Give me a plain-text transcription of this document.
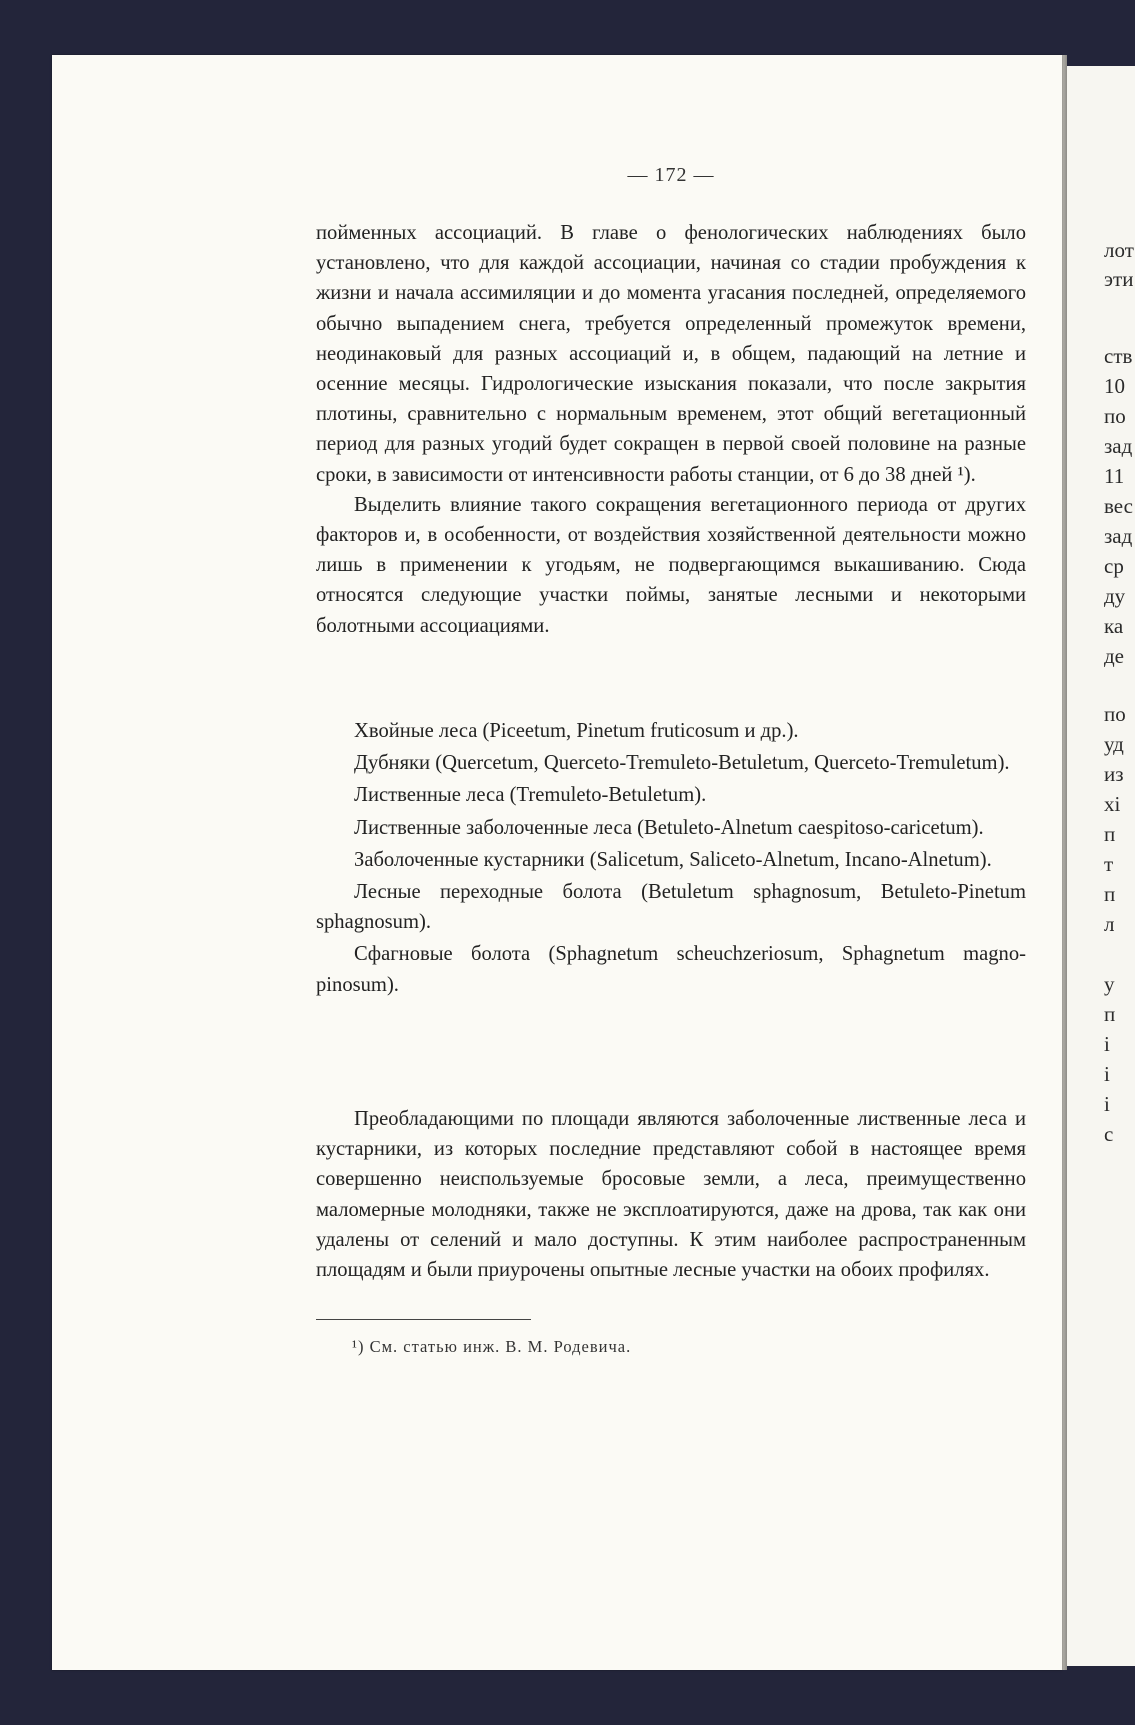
лот
эти
ств
10
по
зад
11
вес
зад
ср
ду
ка
де
по
уд
из
хі
п
т
п
л
у
п
і
і
і
с
— 172 —

пойменных ассоциаций. В главе о фенологических наблюдениях было установлено, что для каждой ассоциации, начиная со стадии пробуждения к жизни и начала ассимиляции и до момента угасания последней, определяемого обычно выпадением снега, требуется определенный промежуток времени, неодинаковый для разных ассоциаций и, в общем, падающий на летние и осенние месяцы. Гидрологические изыскания показали, что после закрытия плотины, сравнительно с нормальным временем, этот общий вегетационный период для разных угодий будет сокращен в первой своей половине на разные сроки, в зависимости от интенсивности работы станции, от 6 до 38 дней ¹).

Выделить влияние такого сокращения вегетационного периода от других факторов и, в особенности, от воздействия хозяйственной деятельности можно лишь в применении к угодьям, не подвергающимся выкашиванию. Сюда относятся следующие участки поймы, занятые лесными и некоторыми болотными ассоциациями.

Хвойные леса (Piceetum, Pinetum fruticosum и др.).
Дубняки (Quercetum, Querceto-Tremuleto-Betuletum, Querceto-Tremuletum).
Лиственные леса (Tremuleto-Betuletum).
Лиственные заболоченные леса (Betuleto-Alnetum caespitoso-caricetum).
Заболоченные кустарники (Salicetum, Saliceto-Alnetum, Incano-Alnetum).
Лесные переходные болота (Betuletum sphagnosum, Betuleto-Pinetum sphagnosum).
Сфагновые болота (Sphagnetum scheuchzeriosum, Sphagnetum magno-pinosum).

Преобладающими по площади являются заболоченные лиственные леса и кустарники, из которых последние представляют собой в настоящее время совершенно неиспользуемые бросовые земли, а леса, преимущественно маломерные молодняки, также не эксплоатируются, даже на дрова, так как они удалены от селений и мало доступны. К этим наиболее распространенным площадям и были приурочены опытные лесные участки на обоих профилях.

¹) См. статью инж. В. М. Родевича.
